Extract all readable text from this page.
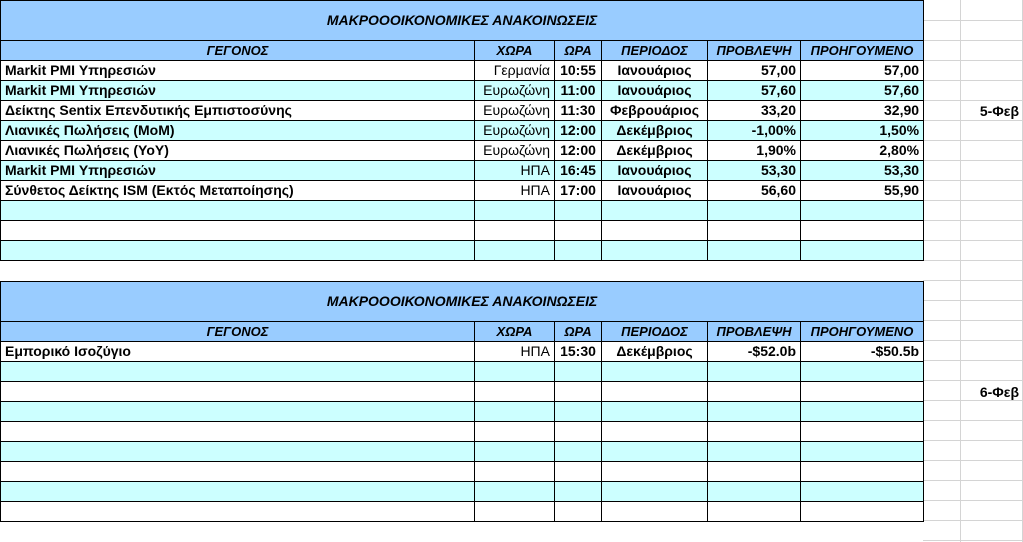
ΜΑΚΡΟΟΟΙΚΟΝΟΜΙΚΕΣ ΑΝΑΚΟΙΝΩΣΕΙΣ					
ΓΕΓΟΝΟΣ	ΧΩΡΑ	ΩΡΑ	ΠΕΡΙΟΔΟΣ	ΠΡΟΒΛΕΨΗ	ΠΡΟΗΓΟΥΜΕΝΟ
Markit PMI Υπηρεσιών	Γερμανία	10:55	Ιανουάριος	57,00	57,00
Markit PMI Υπηρεσιών	Ευρωζώνη	11:00	Ιανουάριος	57,60	57,60
Δείκτης Sentix Επενδυτικής Εμπιστοσύνης	Ευρωζώνη	11:30	Φεβρουάριος	33,20	32,90
Λιανικές Πωλήσεις (MoM)	Ευρωζώνη	12:00	Δεκέμβριος	-1,00%	1,50%
Λιανικές Πωλήσεις (YoY)	Ευρωζώνη	12:00	Δεκέμβριος	1,90%	2,80%
Markit PMI Υπηρεσιών	ΗΠΑ	16:45	Ιανουάριος	53,30	53,30
Σύνθετος Δείκτης ISM (Εκτός Μεταποίησης)	ΗΠΑ	17:00	Ιανουάριος	56,60	55,90

5-Φεβ
ΜΑΚΡΟΟΟΙΚΟΝΟΜΙΚΕΣ ΑΝΑΚΟΙΝΩΣΕΙΣ					
ΓΕΓΟΝΟΣ	ΧΩΡΑ	ΩΡΑ	ΠΕΡΙΟΔΟΣ	ΠΡΟΒΛΕΨΗ	ΠΡΟΗΓΟΥΜΕΝΟ
Εμπορικό Ισοζύγιο	ΗΠΑ	15:30	Δεκέμβριος	-$52.0b	-$50.5b

6-Φεβ
